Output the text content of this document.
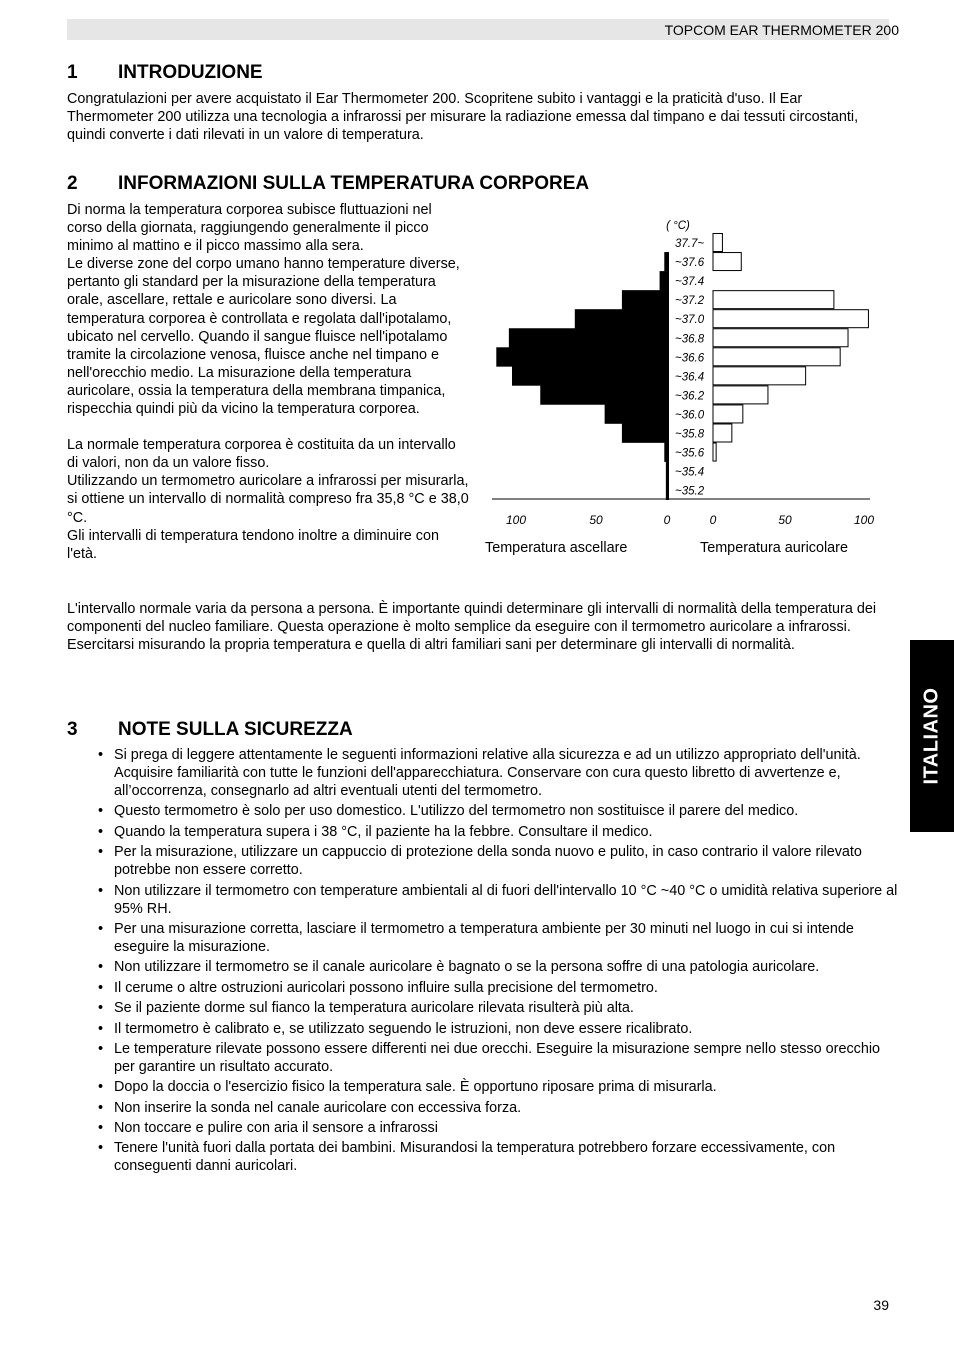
TOPCOM EAR THERMOMETER 200
ITALIANO
1 INTRODUZIONE

Congratulazioni per avere acquistato il Ear Thermometer 200. Scopritene subito i vantaggi e la praticità d'uso. Il Ear Thermometer 200 utilizza una tecnologia a infrarossi per misurare la radiazione emessa dal timpano e dai tessuti circostanti, quindi converte i dati rilevati in un valore di temperatura.

2 INFORMAZIONI SULLA TEMPERATURA CORPOREA

Di norma la temperatura corporea subisce fluttuazioni nel corso della giornata, raggiungendo generalmente il picco minimo al mattino e il picco massimo alla sera.

Le diverse zone del corpo umano hanno temperature diverse, pertanto gli standard per la misurazione della temperatura orale, ascellare, rettale e auricolare sono diversi. La temperatura corporea è controllata e regolata dall'ipotalamo, ubicato nel cervello. Quando il sangue fluisce nell'ipotalamo tramite la circolazione venosa, fluisce anche nel timpano e nell'orecchio medio. La misurazione della temperatura auricolare, ossia la temperatura della membrana timpanica, rispecchia quindi più da vicino la temperatura corporea.

La normale temperatura corporea è costituita da un intervallo di valori, non da un valore fisso.

Utilizzando un termometro auricolare a infrarossi per misurarla, si ottiene un intervallo di normalità compreso fra 35,8 °C e 38,0 °C.

Gli intervalli di temperatura tendono inoltre a diminuire con l'età.

( °C)
37.7~
~37.6
~37.4
~37.2
~37.0
~36.8
~36.6
~36.4
~36.2
~36.0
~35.8
~35.6
~35.4
~35.2
100	50	0	0	50	100
Temperatura ascellare	Temperatura auricolare

L'intervallo normale varia da persona a persona. È importante quindi determinare gli intervalli di normalità della temperatura dei componenti del nucleo familiare. Questa operazione è molto semplice da eseguire con il termometro auricolare a infrarossi. Esercitarsi misurando la propria temperatura e quella di altri familiari sani per determinare gli intervalli di normalità.

3 NOTE SULLA SICUREZZA
• Si prega di leggere attentamente le seguenti informazioni relative alla sicurezza e ad un utilizzo appropriato dell'unità. Acquisire familiarità con tutte le funzioni dell'apparecchiatura. Conservare con cura questo libretto di avvertenze e, all’occorrenza, consegnarlo ad altri eventuali utenti del termometro.
• Questo termometro è solo per uso domestico. L'utilizzo del termometro non sostituisce il parere del medico.
• Quando la temperatura supera i 38 °C, il paziente ha la febbre. Consultare il medico.
• Per la misurazione, utilizzare un cappuccio di protezione della sonda nuovo e pulito, in caso contrario il valore rilevato potrebbe non essere corretto.
• Non utilizzare il termometro con temperature ambientali al di fuori dell'intervallo 10 °C ~40 °C o umidità relativa superiore al 95% RH.
• Per una misurazione corretta, lasciare il termometro a temperatura ambiente per 30 minuti nel luogo in cui si intende eseguire la misurazione.
• Non utilizzare il termometro se il canale auricolare è bagnato o se la persona soffre di una patologia auricolare.
• Il cerume o altre ostruzioni auricolari possono influire sulla precisione del termometro.
• Se il paziente dorme sul fianco la temperatura auricolare rilevata risulterà più alta.
• Il termometro è calibrato e, se utilizzato seguendo le istruzioni, non deve essere ricalibrato.
• Le temperature rilevate possono essere differenti nei due orecchi. Eseguire la misurazione sempre nello stesso orecchio per garantire un risultato accurato.
• Dopo la doccia o l'esercizio fisico la temperatura sale. È opportuno riposare prima di misurarla.
• Non inserire la sonda nel canale auricolare con eccessiva forza.
• Non toccare e pulire con aria il sensore a infrarossi
• Tenere l'unità fuori dalla portata dei bambini. Misurandosi la temperatura potrebbero forzare eccessivamente, con conseguenti danni auricolari.
39
